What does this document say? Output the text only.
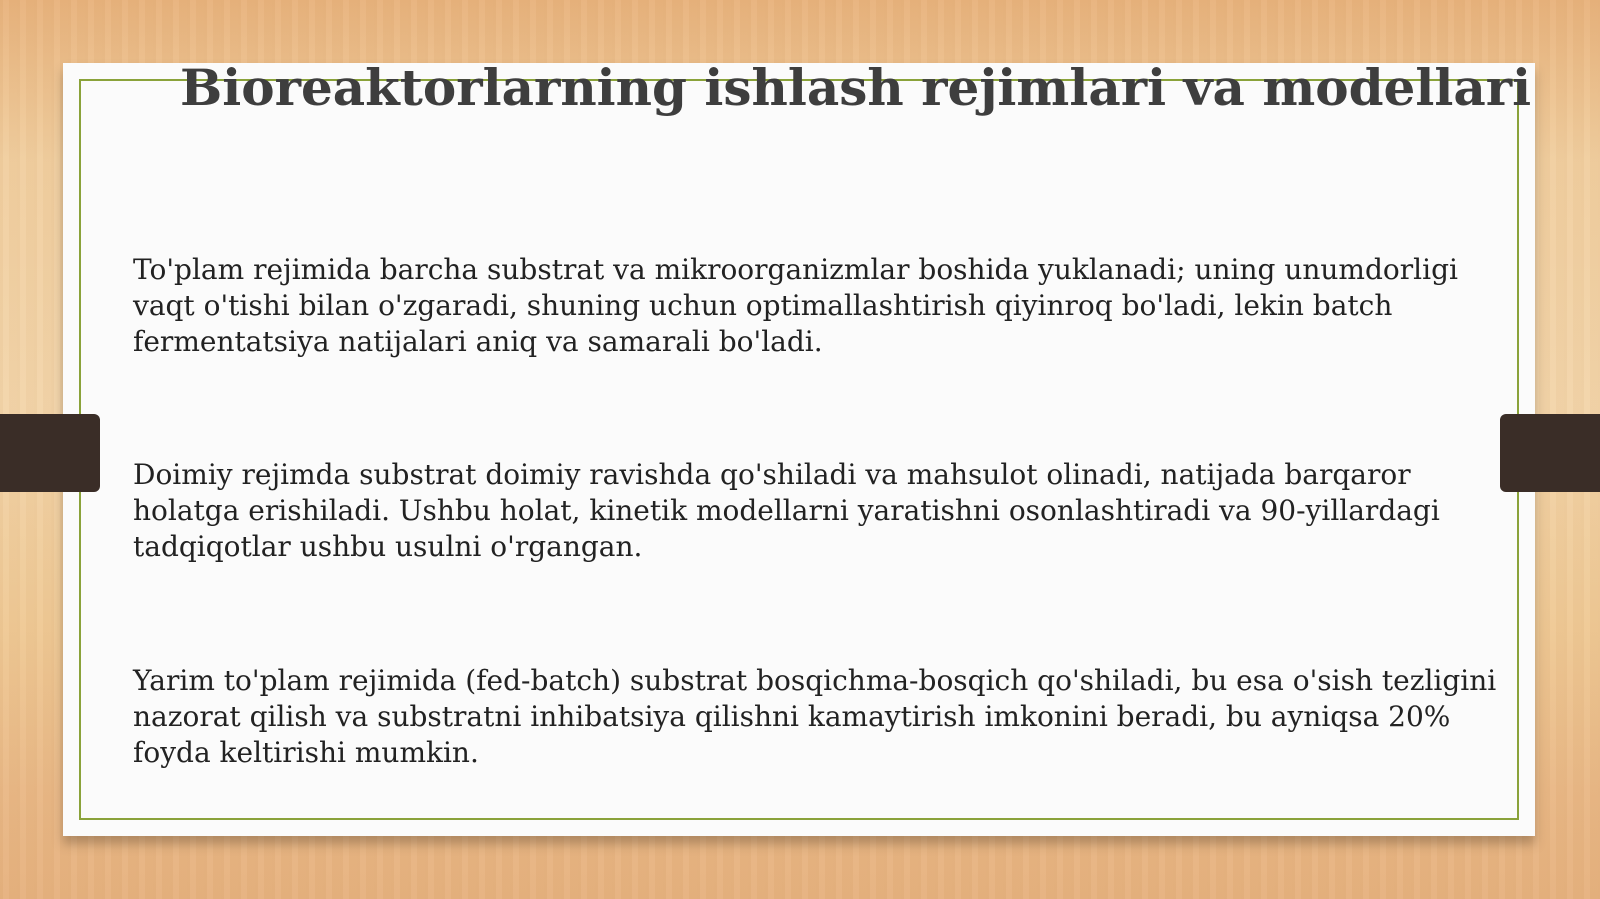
Bioreaktorlarning ishlash rejimlari va modellari

To'plam rejimida barcha substrat va mikroorganizmlar boshida yuklanadi; uning unumdorligi vaqt o'tishi bilan o'zgaradi, shuning uchun optimallashtirish qiyinroq bo'ladi, lekin batch fermentatsiya natijalari aniq va samarali bo'ladi.

Doimiy rejimda substrat doimiy ravishda qo'shiladi va mahsulot olinadi, natijada barqaror holatga erishiladi. Ushbu holat, kinetik modellarni yaratishni osonlashtiradi va 90-yillardagi tadqiqotlar ushbu usulni o'rgangan.

Yarim to'plam rejimida (fed-batch) substrat bosqichma-bosqich qo'shiladi, bu esa o'sish tezligini nazorat qilish va substratni inhibatsiya qilishni kamaytirish imkonini beradi, bu ayniqsa 20% foyda keltirishi mumkin.
